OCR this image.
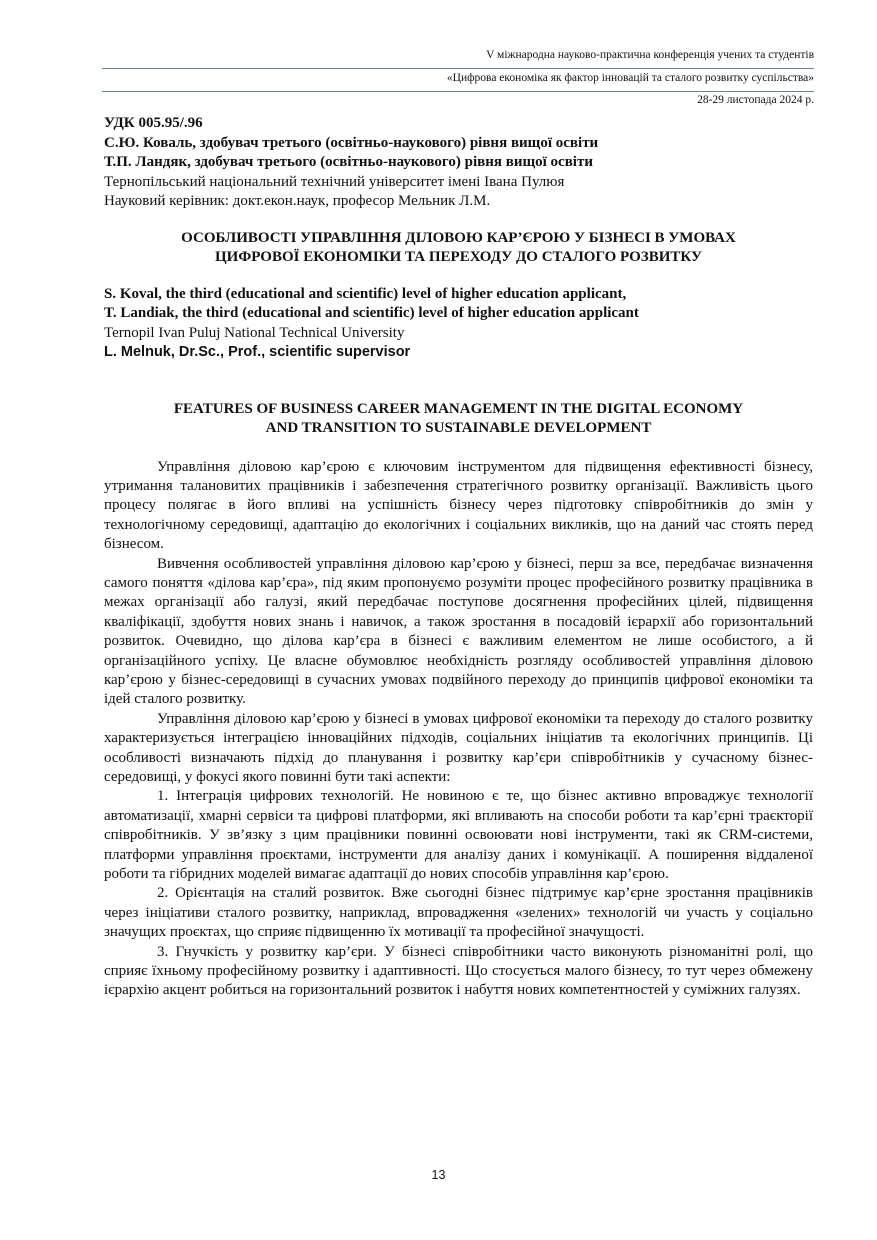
V міжнародна науково-практична конференція учених та студентів
«Цифрова економіка як фактор інновацій та сталого розвитку суспільства»
28-29 листопада 2024 р.
УДК 005.95/.96
С.Ю. Коваль, здобувач третього (освітньо-наукового) рівня вищої освіти
Т.П. Ландяк, здобувач третього (освітньо-наукового) рівня вищої освіти
Тернопільський національний технічний університет імені Івана Пулюя
Науковий керівник: докт.екон.наук, професор Мельник Л.М.
ОСОБЛИВОСТІ УПРАВЛІННЯ ДІЛОВОЮ КАР’ЄРОЮ У БІЗНЕСІ В УМОВАХ
ЦИФРОВОЇ ЕКОНОМІКИ ТА ПЕРЕХОДУ ДО СТАЛОГО РОЗВИТКУ
S. Koval, the third (educational and scientific) level of higher education applicant,
T. Landiak, the third (educational and scientific) level of higher education applicant
Ternopil Ivan Puluj National Technical University
L. Melnuk, Dr.Sc., Prof., scientific supervisor
FEATURES OF BUSINESS CAREER MANAGEMENT IN THE DIGITAL ECONOMY
AND TRANSITION TO SUSTAINABLE DEVELOPMENT

Управління діловою кар’єрою є ключовим інструментом для підвищення ефективності бізнесу, утримання талановитих працівників і забезпечення стратегічного розвитку організації. Важливість цього процесу полягає в його впливі на успішність бізнесу через підготовку співробітників до змін у технологічному середовищі, адаптацію до екологічних і соціальних викликів, що на даний час стоять перед бізнесом.

Вивчення особливостей управління діловою кар’єрою у бізнесі, перш за все, передбачає визначення самого поняття «ділова кар’єра», під яким пропонуємо розуміти процес професійного розвитку працівника в межах організації або галузі, який передбачає поступове досягнення професійних цілей, підвищення кваліфікації, здобуття нових знань і навичок, а також зростання в посадовій ієрархії або горизонтальний розвиток. Очевидно, що ділова кар’єра в бізнесі є важливим елементом не лише особистого, а й організаційного успіху. Це власне обумовлює необхідність розгляду особливостей управління діловою кар’єрою у бізнес-середовищі в сучасних умовах подвійного переходу до принципів цифрової економіки та ідей сталого розвитку.

Управління діловою кар’єрою у бізнесі в умовах цифрової економіки та переходу до сталого розвитку характеризується інтеграцією інноваційних підходів, соціальних ініціатив та екологічних принципів. Ці особливості визначають підхід до планування і розвитку кар’єри співробітників у сучасному бізнес-середовищі, у фокусі якого повинні бути такі аспекти:

1. Інтеграція цифрових технологій. Не новиною є те, що бізнес активно впроваджує технології автоматизації, хмарні сервіси та цифрові платформи, які впливають на способи роботи та кар’єрні траєкторії співробітників. У зв’язку з цим працівники повинні освоювати нові інструменти, такі як CRM-системи, платформи управління проєктами, інструменти для аналізу даних і комунікації. А поширення віддаленої роботи та гібридних моделей вимагає адаптації до нових способів управління кар’єрою.

2. Орієнтація на сталий розвиток. Вже сьогодні бізнес підтримує кар’єрне зростання працівників через ініціативи сталого розвитку, наприклад, впровадження «зелених» технологій чи участь у соціально значущих проєктах, що сприяє підвищенню їх мотивації та професійної значущості.

3. Гнучкість у розвитку кар’єри. У бізнесі співробітники часто виконують різноманітні ролі, що сприяє їхньому професійному розвитку і адаптивності. Що стосується малого бізнесу, то тут через обмежену ієрархію акцент робиться на горизонтальний розвиток і набуття нових компетентностей у суміжних галузях.

13
